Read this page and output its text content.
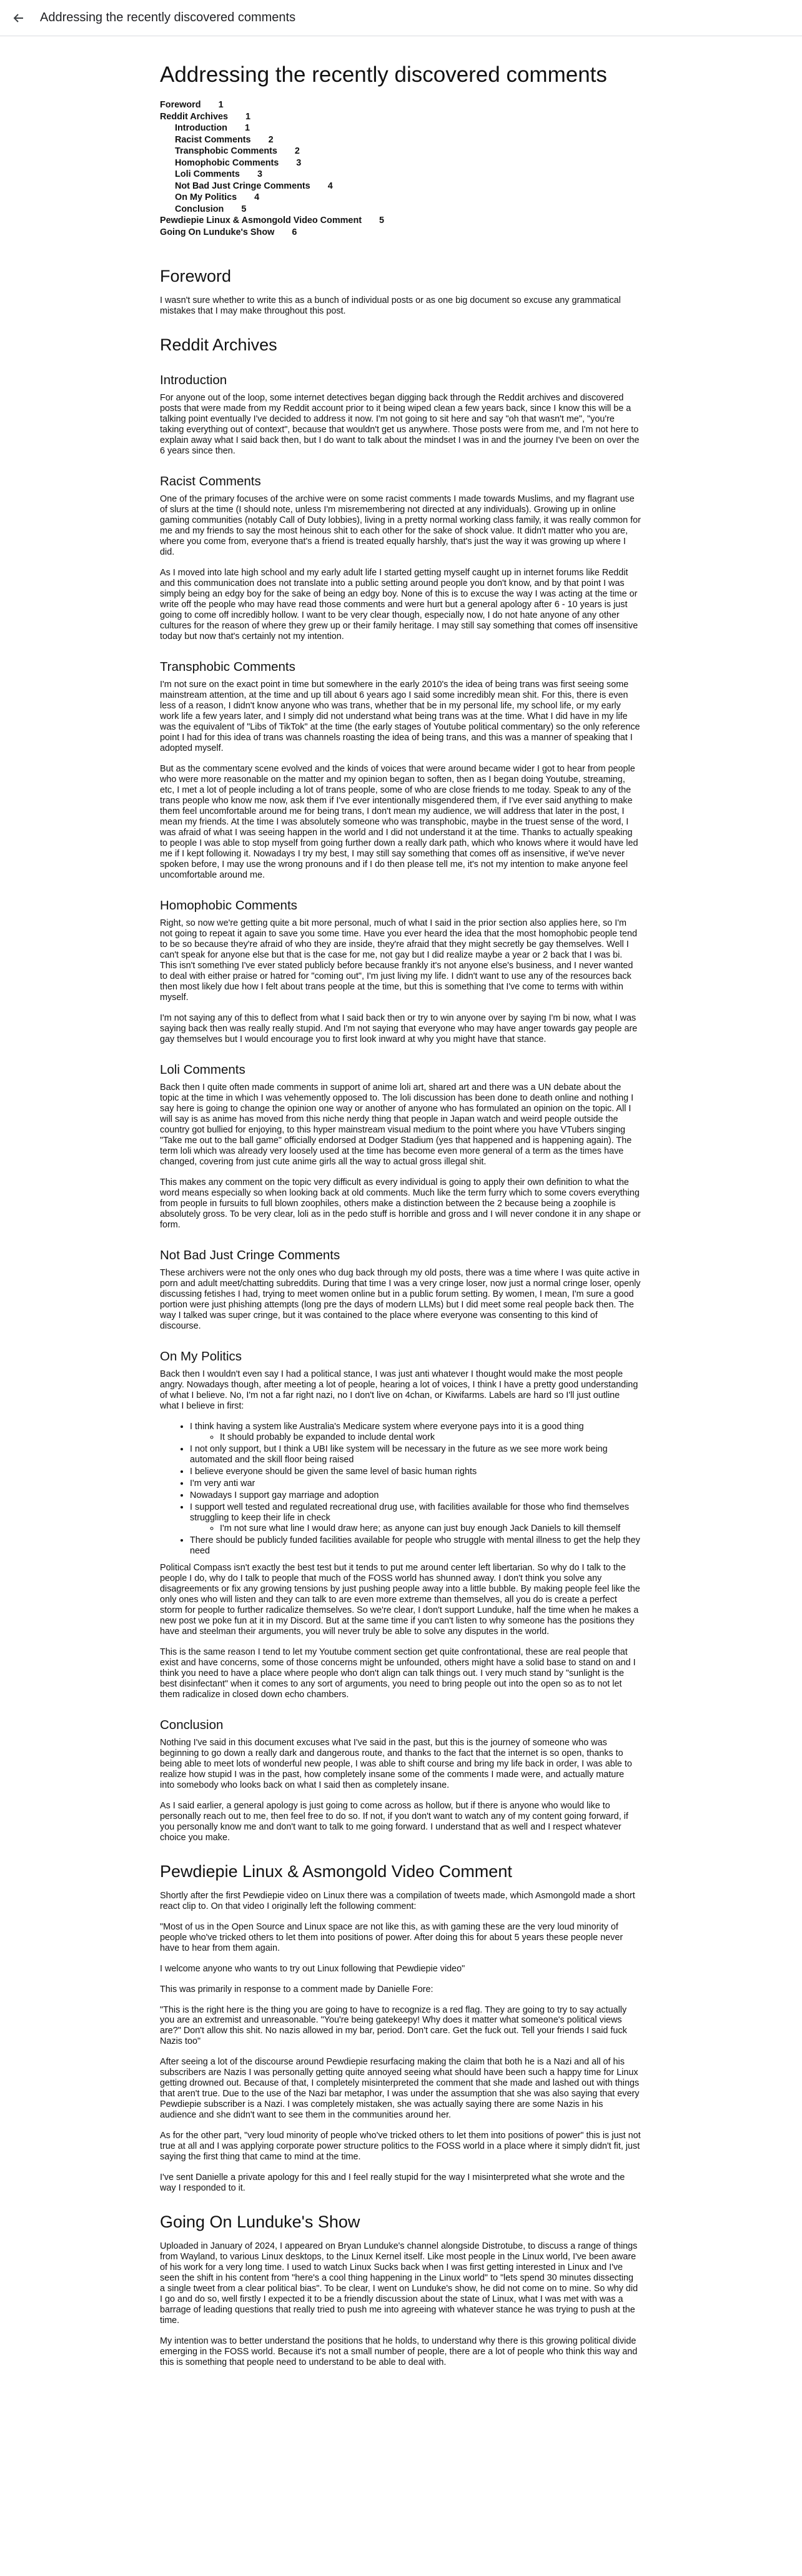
Addressing the recently discovered comments
Addressing the recently discovered comments
Foreword 1
Reddit Archives 1
Introduction 1
Racist Comments 2
Transphobic Comments 2
Homophobic Comments 3
Loli Comments 3
Not Bad Just Cringe Comments 4
On My Politics 4
Conclusion 5
Pewdiepie Linux & Asmongold Video Comment 5
Going On Lunduke's Show 6
Foreword

I wasn't sure whether to write this as a bunch of individual posts or as one big document so excuse any grammatical mistakes that I may make throughout this post.

Reddit Archives
Introduction

For anyone out of the loop, some internet detectives began digging back through the Reddit archives and discovered posts that were made from my Reddit account prior to it being wiped clean a few years back, since I know this will be a talking point eventually I've decided to address it now. I'm not going to sit here and say "oh that wasn't me", "you're taking everything out of context", because that wouldn't get us anywhere. Those posts were from me, and I'm not here to explain away what I said back then, but I do want to talk about the mindset I was in and the journey I've been on over the 6 years since then.

Racist Comments

One of the primary focuses of the archive were on some racist comments I made towards Muslims, and my flagrant use of slurs at the time (I should note, unless I'm misremembering not directed at any individuals). Growing up in online gaming communities (notably Call of Duty lobbies), living in a pretty normal working class family, it was really common for me and my friends to say the most heinous shit to each other for the sake of shock value. It didn't matter who you are, where you come from, everyone that's a friend is treated equally harshly, that's just the way it was growing up where I did.

As I moved into late high school and my early adult life I started getting myself caught up in internet forums like Reddit and this communication does not translate into a public setting around people you don't know, and by that point I was simply being an edgy boy for the sake of being an edgy boy. None of this is to excuse the way I was acting at the time or write off the people who may have read those comments and were hurt but a general apology after 6 - 10 years is just going to come off incredibly hollow. I want to be very clear though, especially now, I do not hate anyone of any other cultures for the reason of where they grew up or their family heritage. I may still say something that comes off insensitive today but now that's certainly not my intention.

Transphobic Comments

I'm not sure on the exact point in time but somewhere in the early 2010's the idea of being trans was first seeing some mainstream attention, at the time and up till about 6 years ago I said some incredibly mean shit. For this, there is even less of a reason, I didn't know anyone who was trans, whether that be in my personal life, my school life, or my early work life a few years later, and I simply did not understand what being trans was at the time. What I did have in my life was the equivalent of "Libs of TikTok" at the time (the early stages of Youtube political commentary) so the only reference point I had for this idea of trans was channels roasting the idea of being trans, and this was a manner of speaking that I adopted myself.

But as the commentary scene evolved and the kinds of voices that were around became wider I got to hear from people who were more reasonable on the matter and my opinion began to soften, then as I began doing Youtube, streaming, etc, I met a lot of people including a lot of trans people, some of who are close friends to me today. Speak to any of the trans people who know me now, ask them if I've ever intentionally misgendered them, if I've ever said anything to make them feel uncomfortable around me for being trans, I don't mean my audience, we will address that later in the post, I mean my friends. At the time I was absolutely someone who was transphobic, maybe in the truest sense of the word, I was afraid of what I was seeing happen in the world and I did not understand it at the time. Thanks to actually speaking to people I was able to stop myself from going further down a really dark path, which who knows where it would have led me if I kept following it. Nowadays I try my best, I may still say something that comes off as insensitive, if we've never spoken before, I may use the wrong pronouns and if I do then please tell me, it's not my intention to make anyone feel uncomfortable around me.

Homophobic Comments

Right, so now we're getting quite a bit more personal, much of what I said in the prior section also applies here, so I'm not going to repeat it again to save you some time. Have you ever heard the idea that the most homophobic people tend to be so because they're afraid of who they are inside, they're afraid that they might secretly be gay themselves. Well I can't speak for anyone else but that is the case for me, not gay but I did realize maybe a year or 2 back that I was bi. This isn't something I've ever stated publicly before because frankly it's not anyone else's business, and I never wanted to deal with either praise or hatred for "coming out", I'm just living my life. I didn't want to use any of the resources back then most likely due how I felt about trans people at the time, but this is something that I've come to terms with within myself.

I'm not saying any of this to deflect from what I said back then or try to win anyone over by saying I'm bi now, what I was saying back then was really really stupid. And I'm not saying that everyone who may have anger towards gay people are gay themselves but I would encourage you to first look inward at why you might have that stance.

Loli Comments

Back then I quite often made comments in support of anime loli art, shared art and there was a UN debate about the topic at the time in which I was vehemently opposed to. The loli discussion has been done to death online and nothing I say here is going to change the opinion one way or another of anyone who has formulated an opinion on the topic. All I will say is as anime has moved from this niche nerdy thing that people in Japan watch and weird people outside the country got bullied for enjoying, to this hyper mainstream visual medium to the point where you have VTubers singing "Take me out to the ball game" officially endorsed at Dodger Stadium (yes that happened and is happening again). The term loli which was already very loosely used at the time has become even more general of a term as the times have changed, covering from just cute anime girls all the way to actual gross illegal shit.

This makes any comment on the topic very difficult as every individual is going to apply their own definition to what the word means especially so when looking back at old comments. Much like the term furry which to some covers everything from people in fursuits to full blown zoophiles, others make a distinction between the 2 because being a zoophile is absolutely gross. To be very clear, loli as in the pedo stuff is horrible and gross and I will never condone it in any shape or form.

Not Bad Just Cringe Comments

These archivers were not the only ones who dug back through my old posts, there was a time where I was quite active in porn and adult meet/chatting subreddits. During that time I was a very cringe loser, now just a normal cringe loser, openly discussing fetishes I had, trying to meet women online but in a public forum setting. By women, I mean, I'm sure a good portion were just phishing attempts (long pre the days of modern LLMs) but I did meet some real people back then. The way I talked was super cringe, but it was contained to the place where everyone was consenting to this kind of discourse.

On My Politics

Back then I wouldn't even say I had a political stance, I was just anti whatever I thought would make the most people angry. Nowadays though, after meeting a lot of people, hearing a lot of voices, I think I have a pretty good understanding of what I believe. No, I'm not a far right nazi, no I don't live on 4chan, or Kiwifarms. Labels are hard so I'll just outline what I believe in first:

• I think having a system like Australia's Medicare system where everyone pays into it is a good thing
◦ It should probably be expanded to include dental work
• I not only support, but I think a UBI like system will be necessary in the future as we see more work being automated and the skill floor being raised
• I believe everyone should be given the same level of basic human rights
• I'm very anti war
• Nowadays I support gay marriage and adoption
• I support well tested and regulated recreational drug use, with facilities available for those who find themselves struggling to keep their life in check
◦ I'm not sure what line I would draw here; as anyone can just buy enough Jack Daniels to kill themself
• There should be publicly funded facilities available for people who struggle with mental illness to get the help they need

Political Compass isn't exactly the best test but it tends to put me around center left libertarian. So why do I talk to the people I do, why do I talk to people that much of the FOSS world has shunned away. I don't think you solve any disagreements or fix any growing tensions by just pushing people away into a little bubble. By making people feel like the only ones who will listen and they can talk to are even more extreme than themselves, all you do is create a perfect storm for people to further radicalize themselves. So we're clear, I don't support Lunduke, half the time when he makes a new post we poke fun at it in my Discord. But at the same time if you can't listen to why someone has the positions they have and steelman their arguments, you will never truly be able to solve any disputes in the world.

This is the same reason I tend to let my Youtube comment section get quite confrontational, these are real people that exist and have concerns, some of those concerns might be unfounded, others might have a solid base to stand on and I think you need to have a place where people who don't align can talk things out. I very much stand by "sunlight is the best disinfectant" when it comes to any sort of arguments, you need to bring people out into the open so as to not let them radicalize in closed down echo chambers.

Conclusion

Nothing I've said in this document excuses what I've said in the past, but this is the journey of someone who was beginning to go down a really dark and dangerous route, and thanks to the fact that the internet is so open, thanks to being able to meet lots of wonderful new people, I was able to shift course and bring my life back in order, I was able to realize how stupid I was in the past, how completely insane some of the comments I made were, and actually mature into somebody who looks back on what I said then as completely insane.

As I said earlier, a general apology is just going to come across as hollow, but if there is anyone who would like to personally reach out to me, then feel free to do so. If not, if you don't want to watch any of my content going forward, if you personally know me and don't want to talk to me going forward. I understand that as well and I respect whatever choice you make.

Pewdiepie Linux & Asmongold Video Comment

Shortly after the first Pewdiepie video on Linux there was a compilation of tweets made, which Asmongold made a short react clip to. On that video I originally left the following comment:

"Most of us in the Open Source and Linux space are not like this, as with gaming these are the very loud minority of people who've tricked others to let them into positions of power. After doing this for about 5 years these people never have to hear from them again.

I welcome anyone who wants to try out Linux following that Pewdiepie video"

This was primarily in response to a comment made by Danielle Fore:

"This is the right here is the thing you are going to have to recognize is a red flag. They are going to try to say actually you are an extremist and unreasonable. "You're being gatekeepy! Why does it matter what someone's political views are?" Don't allow this shit. No nazis allowed in my bar, period. Don't care. Get the fuck out. Tell your friends I said fuck Nazis too"

After seeing a lot of the discourse around Pewdiepie resurfacing making the claim that both he is a Nazi and all of his subscribers are Nazis I was personally getting quite annoyed seeing what should have been such a happy time for Linux getting drowned out. Because of that, I completely misinterpreted the comment that she made and lashed out with things that aren't true. Due to the use of the Nazi bar metaphor, I was under the assumption that she was also saying that every Pewdiepie subscriber is a Nazi. I was completely mistaken, she was actually saying there are some Nazis in his audience and she didn't want to see them in the communities around her.

As for the other part, "very loud minority of people who've tricked others to let them into positions of power" this is just not true at all and I was applying corporate power structure politics to the FOSS world in a place where it simply didn't fit, just saying the first thing that came to mind at the time.

I've sent Danielle a private apology for this and I feel really stupid for the way I misinterpreted what she wrote and the way I responded to it.

Going On Lunduke's Show

Uploaded in January of 2024, I appeared on Bryan Lunduke's channel alongside Distrotube, to discuss a range of things from Wayland, to various Linux desktops, to the Linux Kernel itself. Like most people in the Linux world, I've been aware of his work for a very long time. I used to watch Linux Sucks back when I was first getting interested in Linux and I've seen the shift in his content from "here's a cool thing happening in the Linux world" to "lets spend 30 minutes dissecting a single tweet from a clear political bias". To be clear, I went on Lunduke's show, he did not come on to mine. So why did I go and do so, well firstly I expected it to be a friendly discussion about the state of Linux, what I was met with was a barrage of leading questions that really tried to push me into agreeing with whatever stance he was trying to push at the time.

My intention was to better understand the positions that he holds, to understand why there is this growing political divide emerging in the FOSS world. Because it's not a small number of people, there are a lot of people who think this way and this is something that people need to understand to be able to deal with.
